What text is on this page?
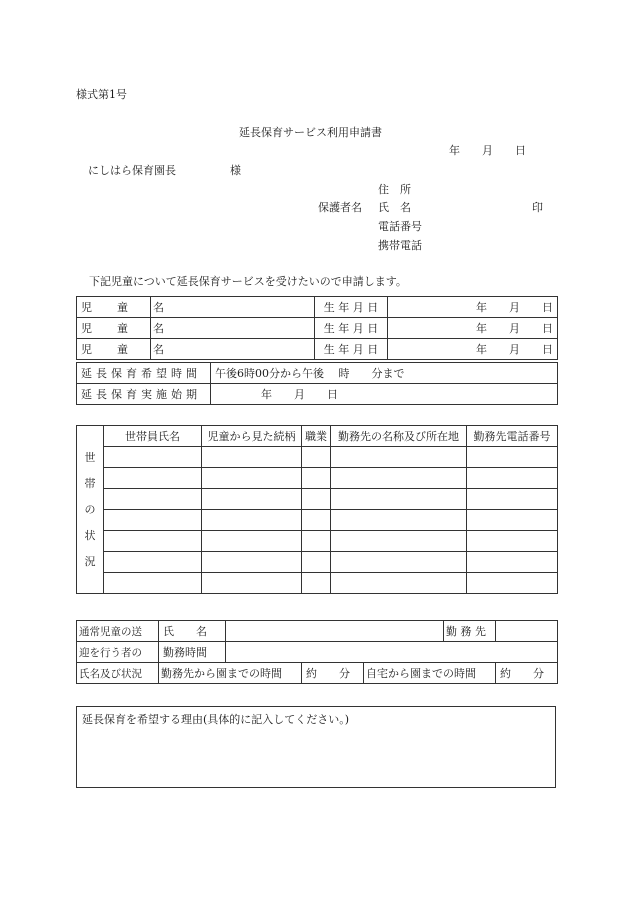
様式第1号
延長保育サービス利用申請書
年　　月　　日
にしはら保育園長	様
住　所
保護者名 氏　名	印
電話番号
携帯電話
下記児童について延長保育サービスを受けたいので申請します。
児　童　名		生 年 月 日	年　　月　　日
児　童　名		生 年 月 日	年　　月　　日
児　童　名		生 年 月 日	年　　月　　日
延長保育希望時間	午後6時00分から午後　 時　　分まで
延長保育実施始期	年　　月　　日
世
帯
の
状
況	世帯員氏名	児童から見た続柄	職業	勤務先の名称及び所在地	勤務先電話番号

通常児童の送	氏　　名				勤 務 先	
迎を行う者の	勤務時間					
氏名及び状況	勤務先から園までの時間		約　　分	自宅から園までの時間		約　　分
延長保育を希望する理由(具体的に記入してください。)
